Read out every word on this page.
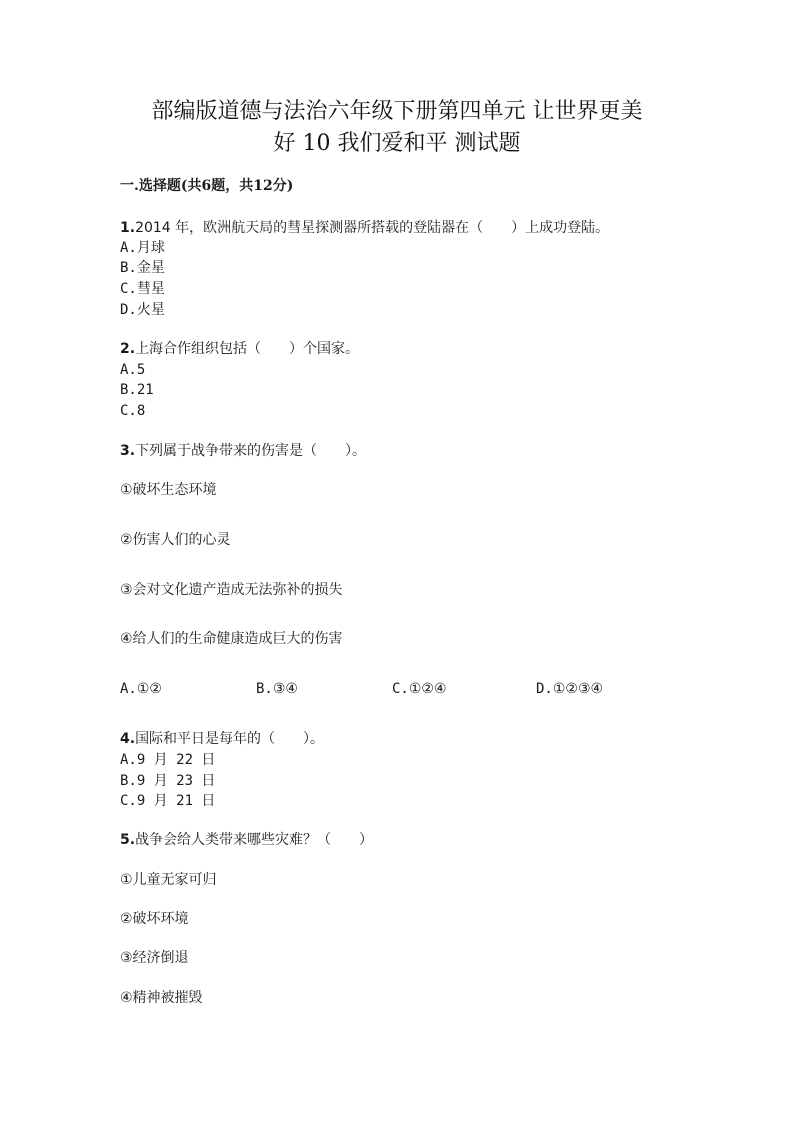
部编版道德与法治六年级下册第四单元 让世界更美
好 10 我们爱和平 测试题
一.选择题(共6题，共12分)
1.2014 年，欧洲航天局的彗星探测器所搭载的登陆器在（　　）上成功登陆。
A.月球
B.金星
C.彗星
D.火星
2.上海合作组织包括（　　）个国家。
A.5
B.21
C.8
3.下列属于战争带来的伤害是（　　）。
①破坏生态环境
②伤害人们的心灵
③会对文化遗产造成无法弥补的损失
④给人们的生命健康造成巨大的伤害
A.①②	B.③④	C.①②④	D.①②③④
4.国际和平日是每年的（　　）。
A.9 月 22 日
B.9 月 23 日
C.9 月 21 日
5.战争会给人类带来哪些灾难？（　　）
①儿童无家可归
②破坏环境
③经济倒退
④精神被摧毁
